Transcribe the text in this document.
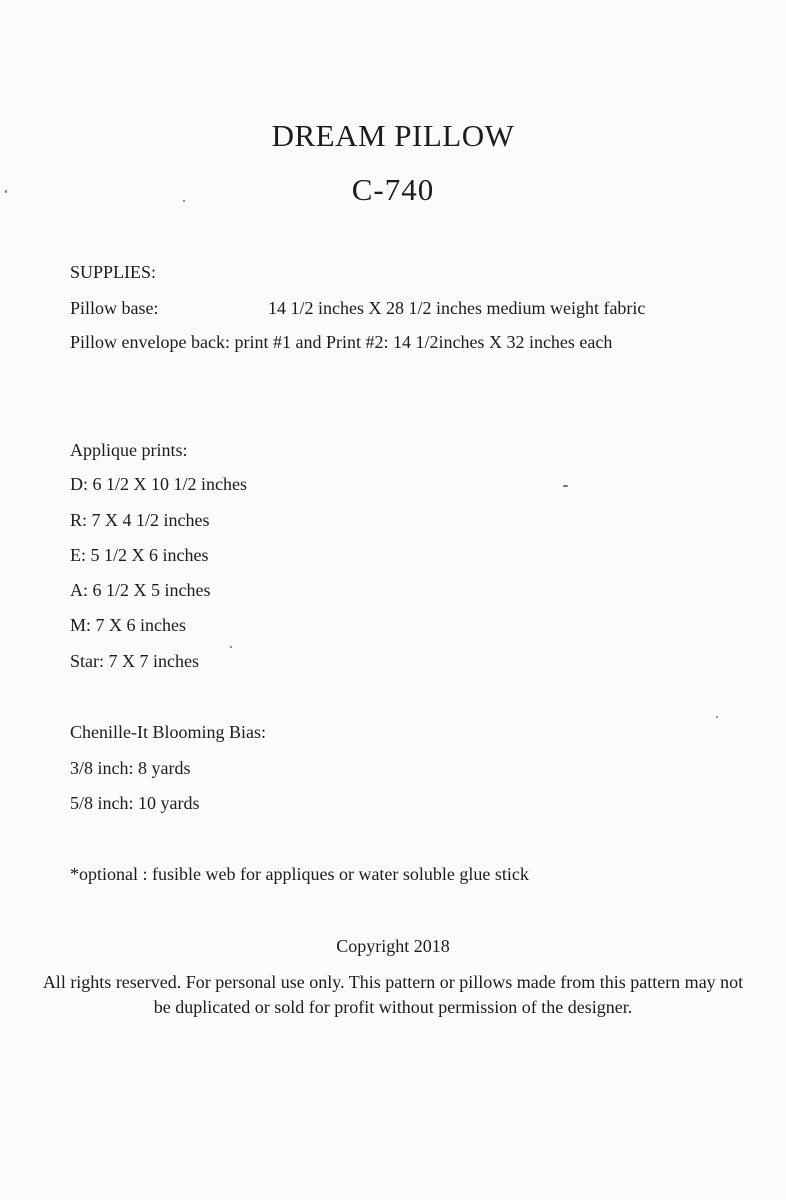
DREAM PILLOW
C-740
SUPPLIES:
Pillow base:	14 1/2 inches X 28 1/2 inches medium weight fabric
Pillow envelope back: print #1 and Print #2: 14 1/2inches X 32 inches each
Applique prints:
D: 6 1/2 X 10 1/2 inches
R: 7 X 4 1/2 inches
E: 5 1/2 X 6 inches
A: 6 1/2 X 5 inches
M: 7 X 6 inches
Star: 7 X 7 inches
Chenille-It Blooming Bias:
3/8 inch: 8 yards
5/8 inch: 10 yards
*optional : fusible web for appliques or water soluble glue stick
Copyright 2018
All rights reserved. For personal use only. This pattern or pillows made from this pattern may not be duplicated or sold for profit without permission of the designer.
